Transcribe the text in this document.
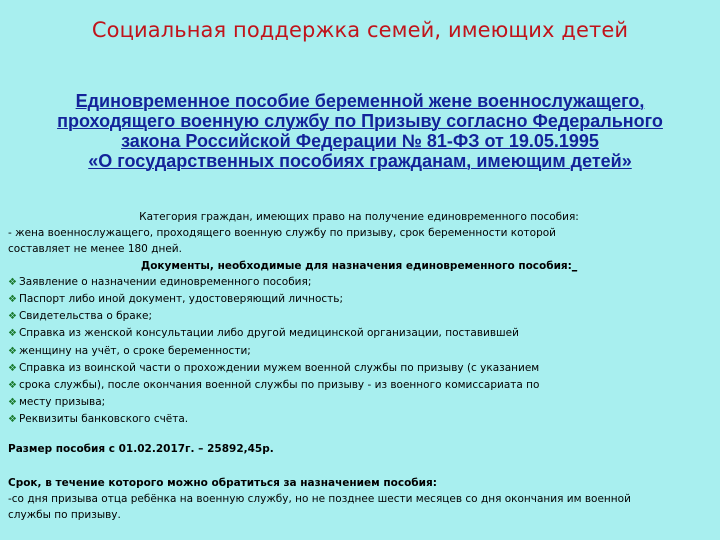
Социальная поддержка семей, имеющих детей
Единовременное пособие беременной жене военнослужащего,
проходящего военную службу по Призыву согласно Федерального
закона Российской Федерации № 81-ФЗ от 19.05.1995
«О государственных пособиях гражданам, имеющим детей»
Категория граждан, имеющих право на получение единовременного пособия:
- жена военнослужащего, проходящего военную службу по призыву, срок беременности которой
составляет не менее 180 дней.
Документы, необходимые для назначения единовременного пособия:_
❖ Заявление о назначении единовременного пособия;
❖ Паспорт либо иной документ, удостоверяющий личность;
❖ Свидетельства о браке;
❖ Справка из женской консультации либо другой медицинской организации, поставившей
❖ женщину на учёт, о сроке беременности;
❖ Справка из воинской части о прохождении мужем военной службы по призыву (с указанием
❖ срока службы), после окончания военной службы по призыву - из военного комиссариата по
❖ месту призыва;
❖ Реквизиты банковского счёта.
Размер пособия с 01.02.2017г. – 25892,45р.
Срок, в течение которого можно обратиться за назначением пособия:
-со дня призыва отца ребёнка на военную службу, но не позднее шести месяцев со дня окончания им военной
службы по призыву.
